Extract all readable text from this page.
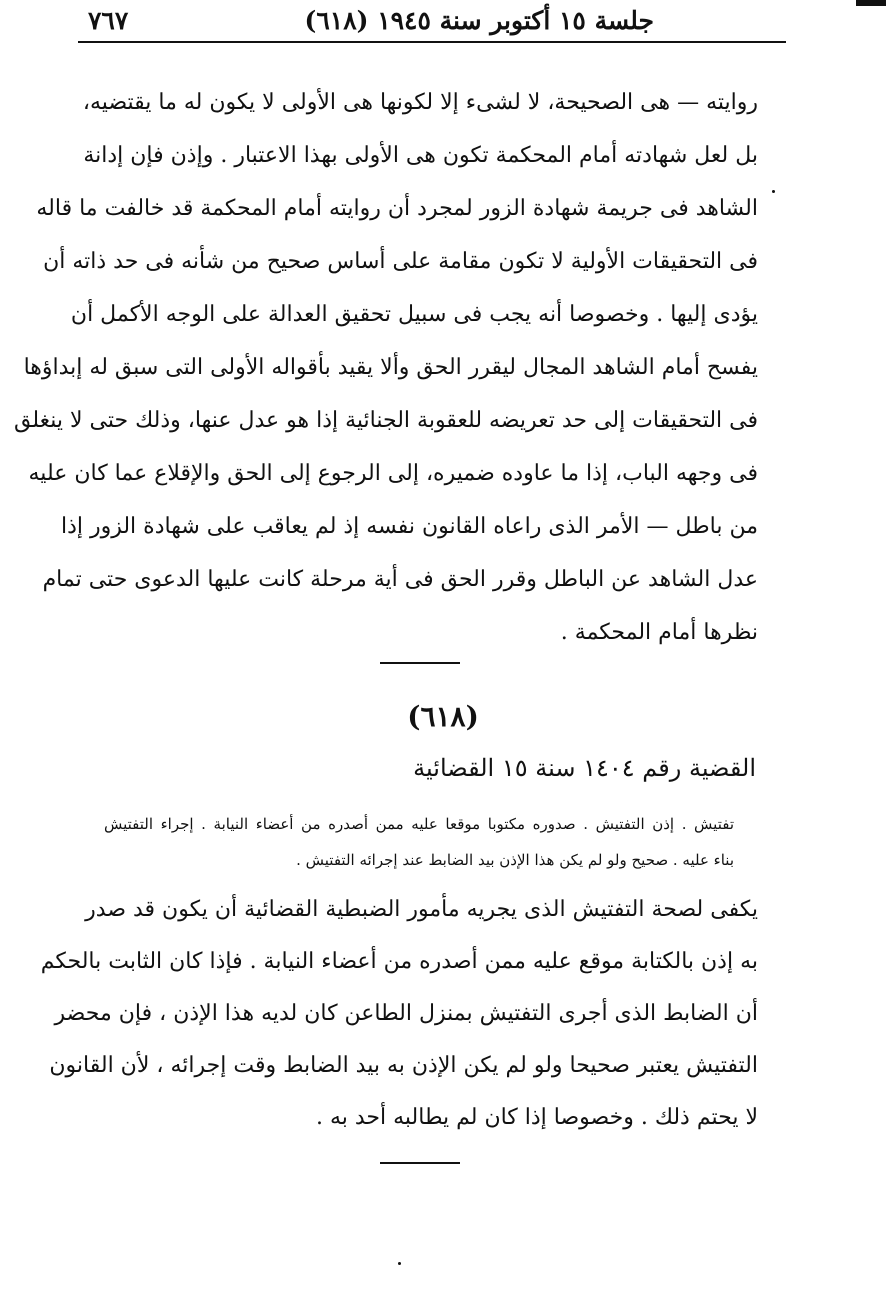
جلسة ١٥ أكتوبر سنة ١٩٤٥ (٦١٨)
٧٦٧
روايته — هى الصحيحة، لا لشىء إلا لكونها هى الأولى لا يكون له ما يقتضيه،
بل لعل شهادته أمام المحكمة تكون هى الأولى بهذا الاعتبار . وإذن فإن إدانة
الشاهد فى جريمة شهادة الزور لمجرد أن روايته أمام المحكمة قد خالفت ما قاله
فى التحقيقات الأولية لا تكون مقامة على أساس صحيح من شأنه فى حد ذاته أن
يؤدى إليها . وخصوصا أنه يجب فى سبيل تحقيق العدالة على الوجه الأكمل أن
يفسح أمام الشاهد المجال ليقرر الحق وألا يقيد بأقواله الأولى التى سبق له إبداؤها
فى التحقيقات إلى حد تعريضه للعقوبة الجنائية إذا هو عدل عنها، وذلك حتى لا ينغلق
فى وجهه الباب، إذا ما عاوده ضميره، إلى الرجوع إلى الحق والإقلاع عما كان عليه
من باطل — الأمر الذى راعاه القانون نفسه إذ لم يعاقب على شهادة الزور إذا
عدل الشاهد عن الباطل وقرر الحق فى أية مرحلة كانت عليها الدعوى حتى تمام
نظرها أمام المحكمة .
(٦١٨)
القضية رقم ١٤٠٤ سنة ١٥ القضائية
تفتيش . إذن التفتيش . صدوره مكتوبا موقعا عليه ممن أصدره من أعضاء النيابة . إجراء التفتيش
بناء عليه . صحيح ولو لم يكن هذا الإذن بيد الضابط عند إجرائه التفتيش .
يكفى لصحة التفتيش الذى يجريه مأمور الضبطية القضائية أن يكون قد صدر
به إذن بالكتابة موقع عليه ممن أصدره من أعضاء النيابة . فإذا كان الثابت بالحكم
أن الضابط الذى أجرى التفتيش بمنزل الطاعن كان لديه هذا الإذن ، فإن محضر
التفتيش يعتبر صحيحا ولو لم يكن الإذن به بيد الضابط وقت إجرائه ، لأن القانون
لا يحتم ذلك . وخصوصا إذا كان لم يطالبه أحد به .
